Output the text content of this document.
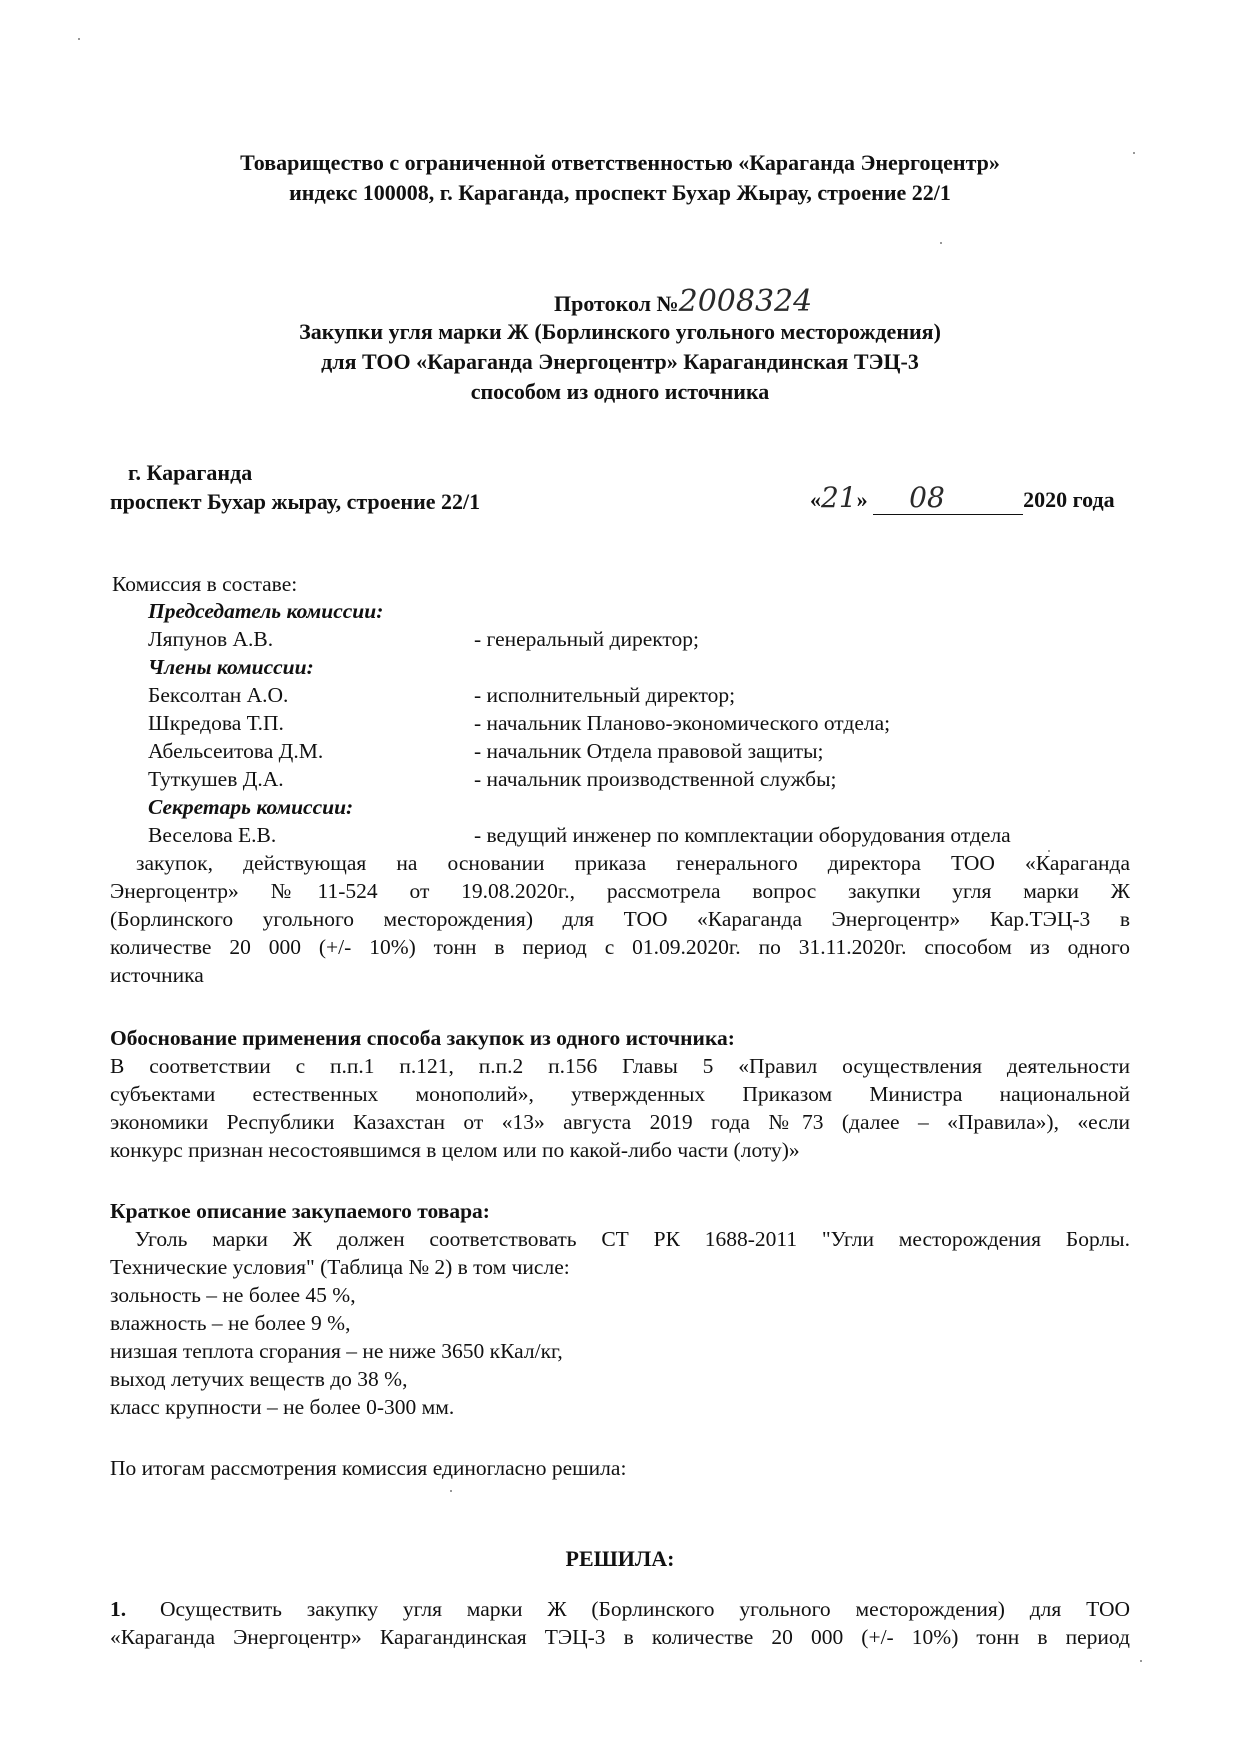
Товарищество с ограниченной ответственностью «Караганда Энергоцентр»
индекс 100008, г. Караганда, проспект Бухар Жырау, строение 22/1
Протокол №2008324
Закупки угля марки Ж (Борлинского угольного месторождения)
для ТОО «Караганда Энергоцентр» Карагандинская ТЭЦ-3
способом из одного источника
г. Караганда
проспект Бухар жырау, строение 22/1	«21» 08	2020 года
Комиссия в составе:
Председатель комиссии:
Ляпунов А.В.	- генеральный директор;
Члены комиссии:
Бексолтан А.О.	- исполнительный директор;
Шкредова Т.П.	- начальник Планово-экономического отдела;
Абельсеитова Д.М.	- начальник Отдела правовой защиты;
Туткушев Д.А.	- начальник производственной службы;
Секретарь комиссии:
Веселова Е.В.	- ведущий инженер по комплектации оборудования отдела
закупок, действующая на основании приказа генерального директора ТОО «Караганда
Энергоцентр» №11-524 от 19.08.2020г., рассмотрела вопрос закупки угля марки Ж
(Борлинского угольного месторождения) для ТОО «Караганда Энергоцентр» Кар.ТЭЦ-3 в
количестве 20 000 (+/- 10%) тонн в период с 01.09.2020г. по 31.11.2020г. способом из одного
источника
Обоснование применения способа закупок из одного источника:
В соответствии с п.п.1 п.121, п.п.2 п.156 Главы 5 «Правил осуществления деятельности
субъектами естественных монополий», утвержденных Приказом Министра национальной
экономики Республики Казахстан от «13» августа 2019 года №73 (далее – «Правила»), «если
конкурс признан несостоявшимся в целом или по какой-либо части (лоту)»
Краткое описание закупаемого товара:
Уголь марки Ж должен соответствовать СТ РК 1688-2011 "Угли месторождения Борлы.
Технические условия" (Таблица № 2) в том числе:
зольность – не более 45 %,
влажность – не более 9 %,
низшая теплота сгорания – не ниже 3650 кКал/кг,
выход летучих веществ до 38 %,
класс крупности – не более 0-300 мм.
По итогам рассмотрения комиссия единогласно решила:
РЕШИЛА:
1. Осуществить закупку угля марки Ж (Борлинского угольного месторождения) для ТОО
«Караганда Энергоцентр» Карагандинская ТЭЦ-3 в количестве 20 000 (+/- 10%) тонн в период
